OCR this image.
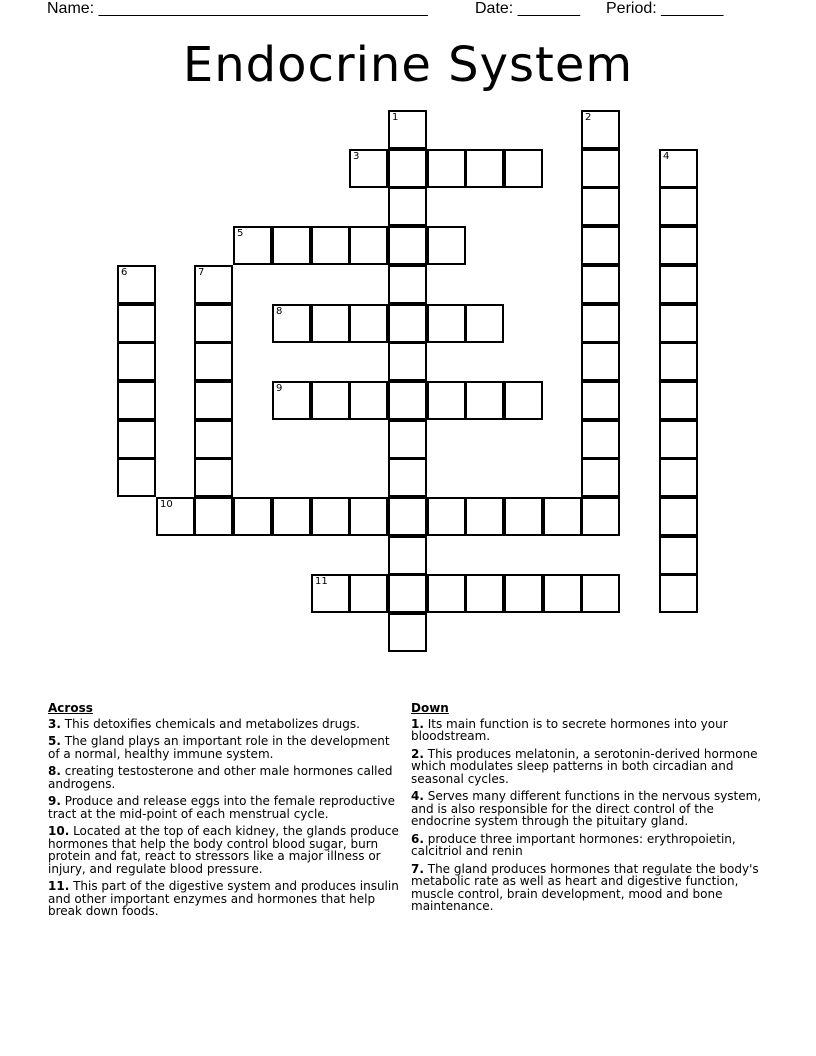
Name: _____________________________________	Date: _______ Period: _______
Endocrine System
1	2
3	4
5
6	7
8
9
10
11
Across
3. This detoxifies chemicals and metabolizes drugs.
5. The gland plays an important role in the development of a normal, healthy immune system.
8. creating testosterone and other male hormones called androgens.
9. Produce and release eggs into the female reproductive tract at the mid-point of each menstrual cycle.
10. Located at the top of each kidney, the glands produce hormones that help the body control blood sugar, burn protein and fat, react to stressors like a major illness or injury, and regulate blood pressure.
11. This part of the digestive system and produces insulin and other important enzymes and hormones that help break down foods.
Down
1. Its main function is to secrete hormones into your bloodstream.
2. This produces melatonin, a serotonin-derived hormone which modulates sleep patterns in both circadian and seasonal cycles.
4. Serves many different functions in the nervous system, and is also responsible for the direct control of the endocrine system through the pituitary gland.
6. produce three important hormones: erythropoietin, calcitriol and renin
7. The gland produces hormones that regulate the body's metabolic rate as well as heart and digestive function, muscle control, brain development, mood and bone maintenance.
